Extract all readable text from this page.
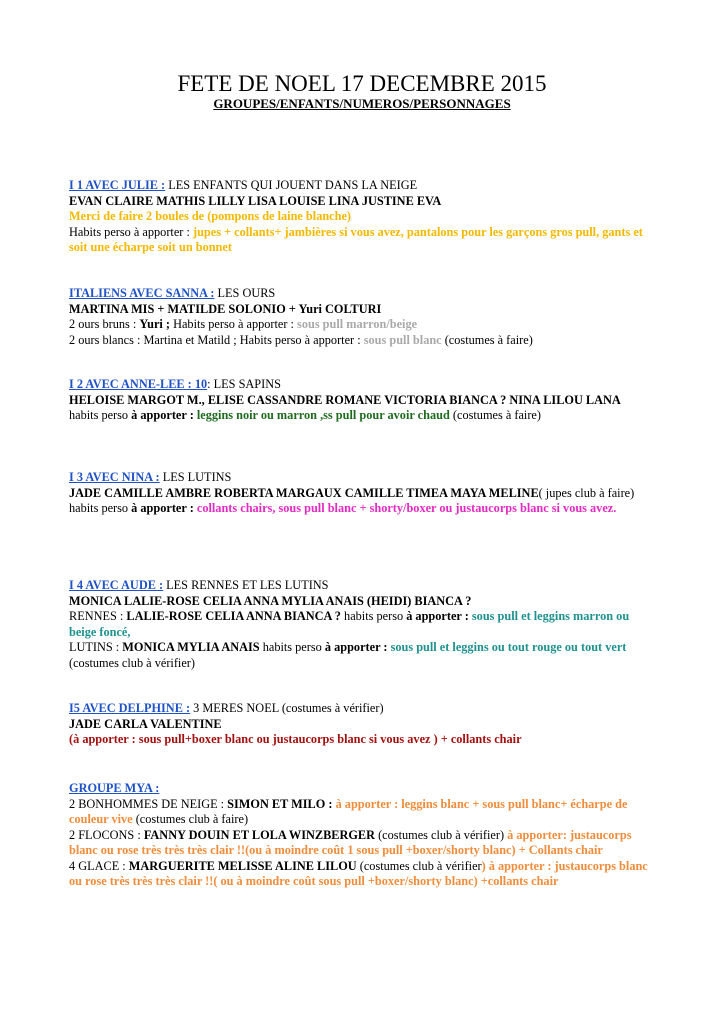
FETE DE NOEL 17 DECEMBRE 2015
GROUPES/ENFANTS/NUMEROS/PERSONNAGES
I 1 AVEC JULIE : LES ENFANTS QUI JOUENT DANS LA NEIGE
EVAN CLAIRE MATHIS LILLY LISA LOUISE LINA JUSTINE EVA
Merci de faire 2 boules de (pompons de laine blanche)
Habits perso à apporter : jupes + collants+ jambières si vous avez, pantalons pour les garçons gros pull, gants et soit une écharpe soit un bonnet
ITALIENS AVEC SANNA : LES OURS
MARTINA MIS + MATILDE SOLONIO + Yuri COLTURI
2 ours bruns : Yuri ; Habits perso à apporter : sous pull marron/beige
2 ours blancs : Martina et Matild ; Habits perso à apporter : sous pull blanc (costumes à faire)
I 2 AVEC ANNE-LEE : 10: LES SAPINS
HELOISE MARGOT M., ELISE CASSANDRE ROMANE VICTORIA BIANCA ? NINA LILOU LANA
habits perso à apporter : leggins noir ou marron ,ss pull pour avoir chaud (costumes à faire)
I 3 AVEC NINA : LES LUTINS
JADE CAMILLE AMBRE ROBERTA MARGAUX CAMILLE TIMEA MAYA MELINE( jupes club à faire)
habits perso à apporter : collants chairs, sous pull blanc + shorty/boxer ou justaucorps blanc si vous avez.
I 4 AVEC AUDE : LES RENNES ET LES LUTINS
MONICA LALIE-ROSE CELIA ANNA MYLIA ANAIS (HEIDI) BIANCA ?
RENNES : LALIE-ROSE CELIA ANNA BIANCA ? habits perso à apporter : sous pull et leggins marron ou beige foncé,
LUTINS : MONICA MYLIA ANAIS habits perso à apporter : sous pull et leggins ou tout rouge ou tout vert (costumes club à vérifier)
I5 AVEC DELPHINE : 3 MERES NOEL (costumes à vérifier)
JADE CARLA VALENTINE
(à apporter : sous pull+boxer blanc ou justaucorps blanc si vous avez ) + collants chair
GROUPE MYA :
2 BONHOMMES DE NEIGE : SIMON ET MILO : à apporter : leggins blanc + sous pull blanc+ écharpe de couleur vive (costumes club à faire)
2 FLOCONS : FANNY DOUIN ET LOLA WINZBERGER (costumes club à vérifier) à apporter: justaucorps blanc ou rose très très très clair !!(ou à moindre coût 1 sous pull +boxer/shorty blanc) + Collants chair
4 GLACE : MARGUERITE MELISSE ALINE LILOU (costumes club à vérifier) à apporter : justaucorps blanc ou rose très très très clair !!( ou à moindre coût sous pull +boxer/shorty blanc) +collants chair
